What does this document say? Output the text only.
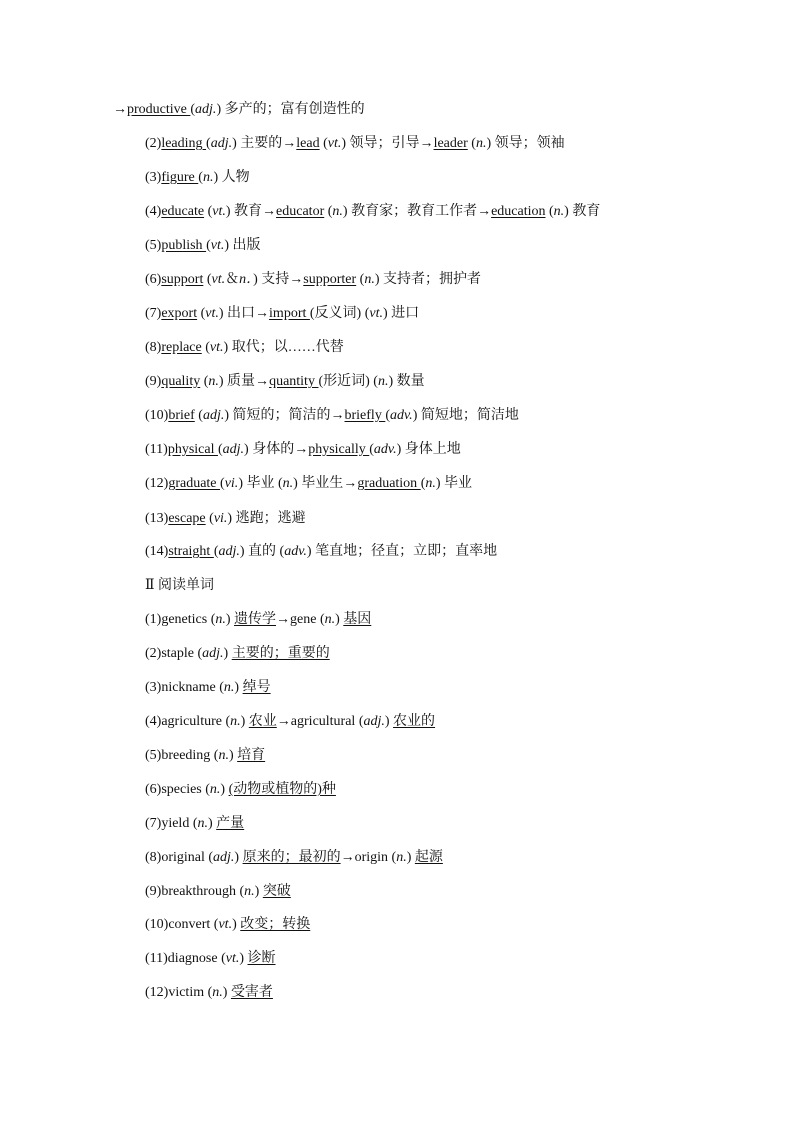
→productive (adj.) 多产的；富有创造性的
(2)leading (adj.) 主要的→lead (vt.) 领导；引导→leader (n.) 领导；领袖
(3)figure (n.) 人物
(4)educate (vt.) 教育→educator (n.) 教育家；教育工作者→education (n.) 教育
(5)publish (vt.) 出版
(6)support (vt.＆n．) 支持→supporter (n.) 支持者；拥护者
(7)export (vt.) 出口→import (反义词) (vt.) 进口
(8)replace (vt.) 取代；以……代替
(9)quality (n.) 质量→quantity (形近词) (n.) 数量
(10)brief (adj.) 简短的；简洁的→briefly (adv.) 简短地；简洁地
(11)physical (adj.) 身体的→physically (adv.) 身体上地
(12)graduate (vi.) 毕业 (n.) 毕业生→graduation (n.) 毕业
(13)escape (vi.) 逃跑；逃避
(14)straight (adj.) 直的 (adv.) 笔直地；径直；立即；直率地
Ⅱ 阅读单词
(1)genetics (n.) 遗传学→gene (n.) 基因
(2)staple (adj.) 主要的；重要的
(3)nickname (n.) 绰号
(4)agriculture (n.) 农业→agricultural (adj.) 农业的
(5)breeding (n.) 培育
(6)species (n.) (动物或植物的)种
(7)yield (n.) 产量
(8)original (adj.) 原来的；最初的→origin (n.) 起源
(9)breakthrough (n.) 突破
(10)convert (vt.) 改变；转换
(11)diagnose (vt.) 诊断
(12)victim (n.) 受害者
